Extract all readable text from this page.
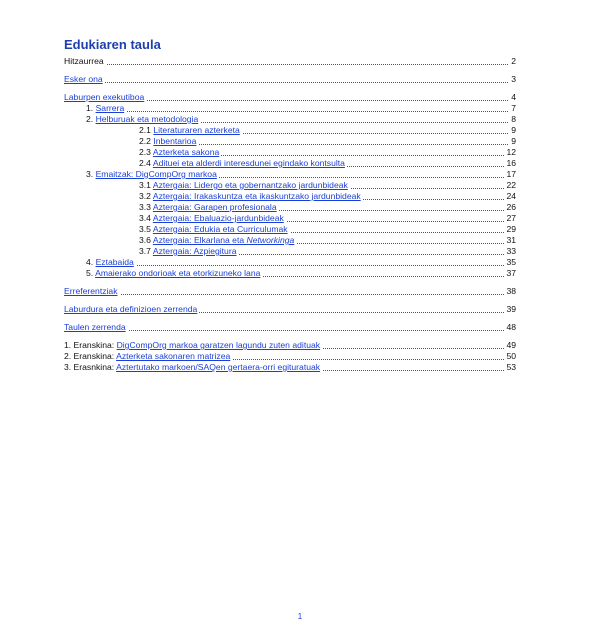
Edukiaren taula
Hitzaurrea	2
Esker ona	3
Laburpen exekutiboa	4
1. Sarrera	7
2. Helburuak eta metodologia	8
2.1 Literaturaren azterketa	9
2.2 Inbentarioa	9
2.3 Azterketa sakona	12
2.4 Adituei eta alderdi interesdunei egindako kontsulta	16
3. Emaitzak: DigCompOrg markoa	17
3.1 Aztergaia: Lidergo eta gobernantzako jardunbideak	22
3.2 Aztergaia: Irakaskuntza eta ikaskuntzako jardunbideak	24
3.3 Aztergaia: Garapen profesionala	26
3.4 Aztergaia: Ebaluazio-jardunbideak	27
3.5 Aztergaia: Edukia eta Curriculumak	29
3.6 Aztergaia: Elkarlana eta Networkinga	31
3.7 Aztergaia: Azpiegitura	33
4. Eztabaida	35
5. Amaierako ondorioak eta etorkizuneko lana	37
Erreferentziak	38
Laburdura eta definizioen zerrenda	39
Taulen zerrenda	48
1. Eranskina: DigCompOrg markoa garatzen lagundu zuten adituak	49
2. Eranskina: Azterketa sakonaren matrizea	50
3. Erasnkina: Aztertutako markoen/SAQen gertaera-orri egituratuak	53
1
